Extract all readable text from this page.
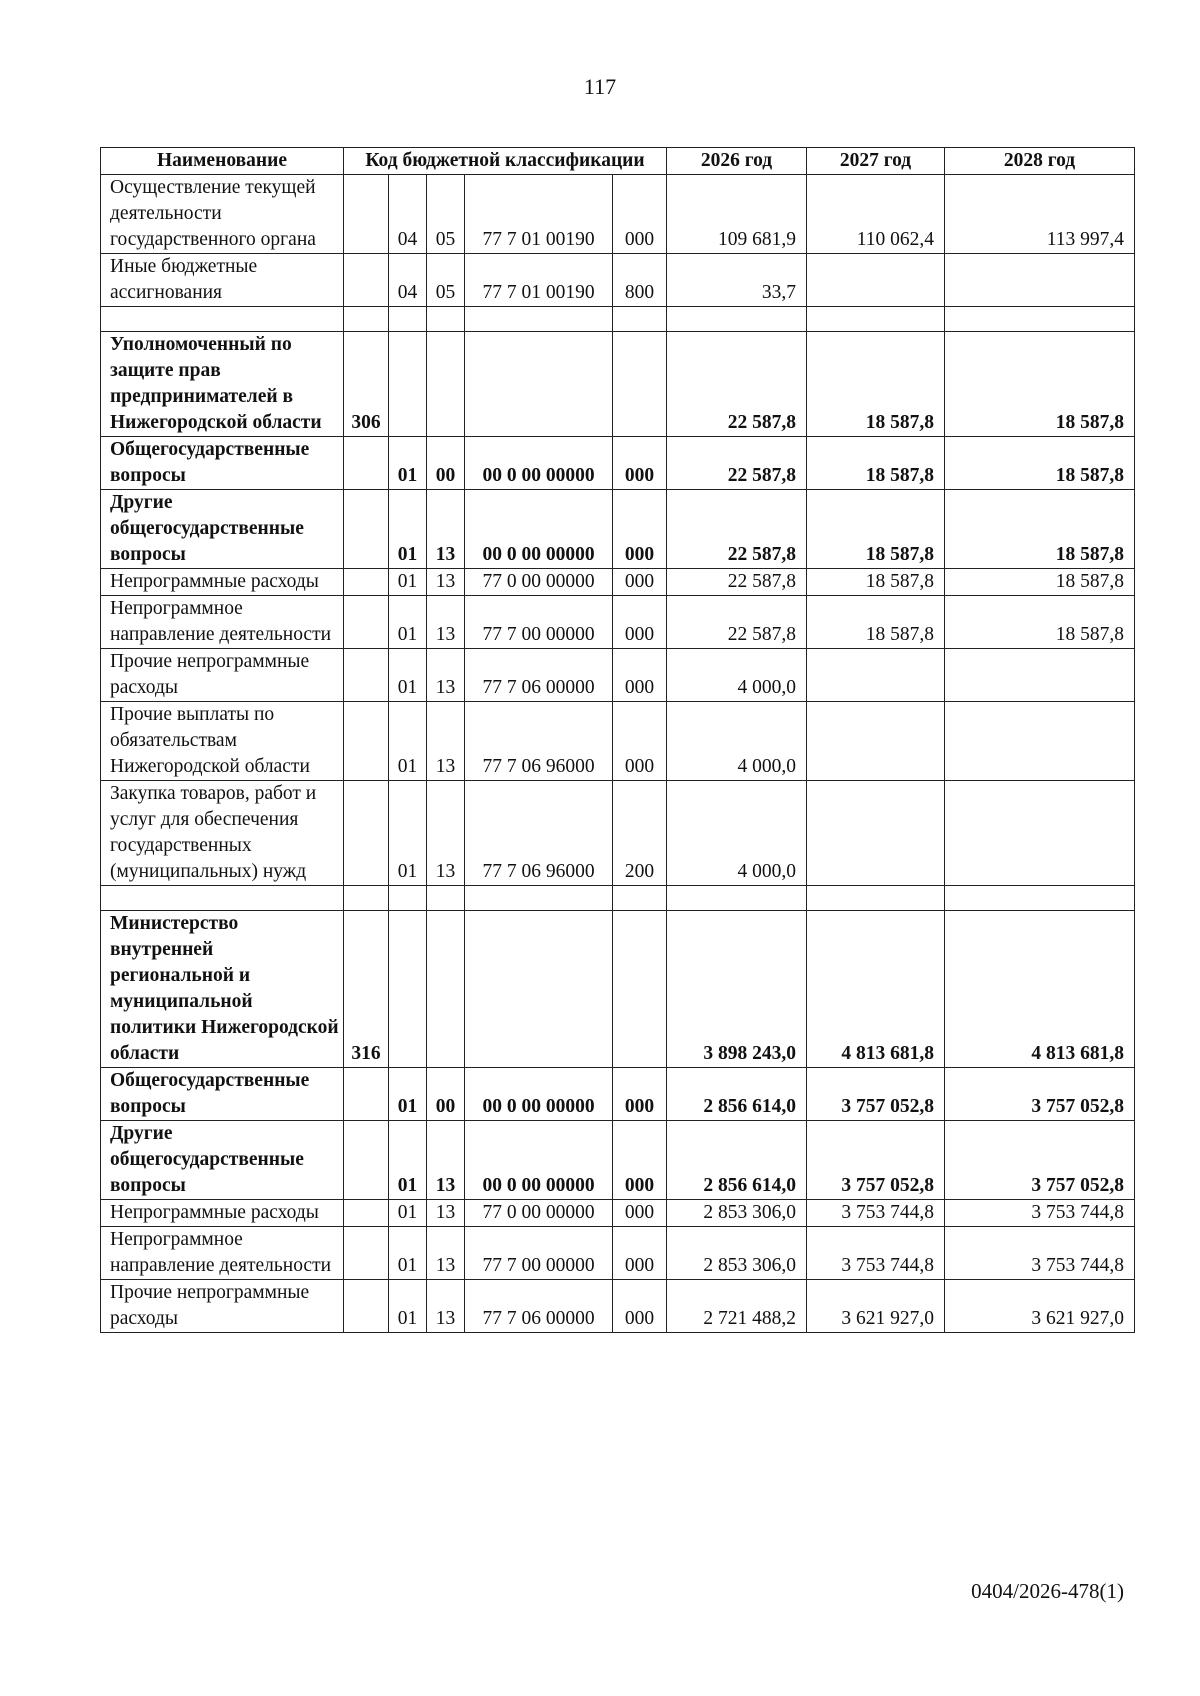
117
Наименование	Код бюджетной классификации					2026 год	2027 год	2028 год
Осуществление текущей деятельности государственного органа		04	05	77 7 01 00190	000	109 681,9	110 062,4	113 997,4
Иные бюджетные ассигнования		04	05	77 7 01 00190	800	33,7		

Уполномоченный по защите прав предпринимателей в Нижегородской области	306					22 587,8	18 587,8	18 587,8
Общегосударственные вопросы		01	00	00 0 00 00000	000	22 587,8	18 587,8	18 587,8
Другие общегосударственные вопросы		01	13	00 0 00 00000	000	22 587,8	18 587,8	18 587,8
Непрограммные расходы		01	13	77 0 00 00000	000	22 587,8	18 587,8	18 587,8
Непрограммное направление деятельности		01	13	77 7 00 00000	000	22 587,8	18 587,8	18 587,8
Прочие непрограммные расходы		01	13	77 7 06 00000	000	4 000,0		
Прочие выплаты по обязательствам Нижегородской области		01	13	77 7 06 96000	000	4 000,0		
Закупка товаров, работ и услуг для обеспечения государственных (муниципальных) нужд		01	13	77 7 06 96000	200	4 000,0		

Министерство внутренней региональной и муниципальной политики Нижегородской области	316					3 898 243,0	4 813 681,8	4 813 681,8
Общегосударственные вопросы		01	00	00 0 00 00000	000	2 856 614,0	3 757 052,8	3 757 052,8
Другие общегосударственные вопросы		01	13	00 0 00 00000	000	2 856 614,0	3 757 052,8	3 757 052,8
Непрограммные расходы		01	13	77 0 00 00000	000	2 853 306,0	3 753 744,8	3 753 744,8
Непрограммное направление деятельности		01	13	77 7 00 00000	000	2 853 306,0	3 753 744,8	3 753 744,8
Прочие непрограммные расходы		01	13	77 7 06 00000	000	2 721 488,2	3 621 927,0	3 621 927,0
0404/2026-478(1)
